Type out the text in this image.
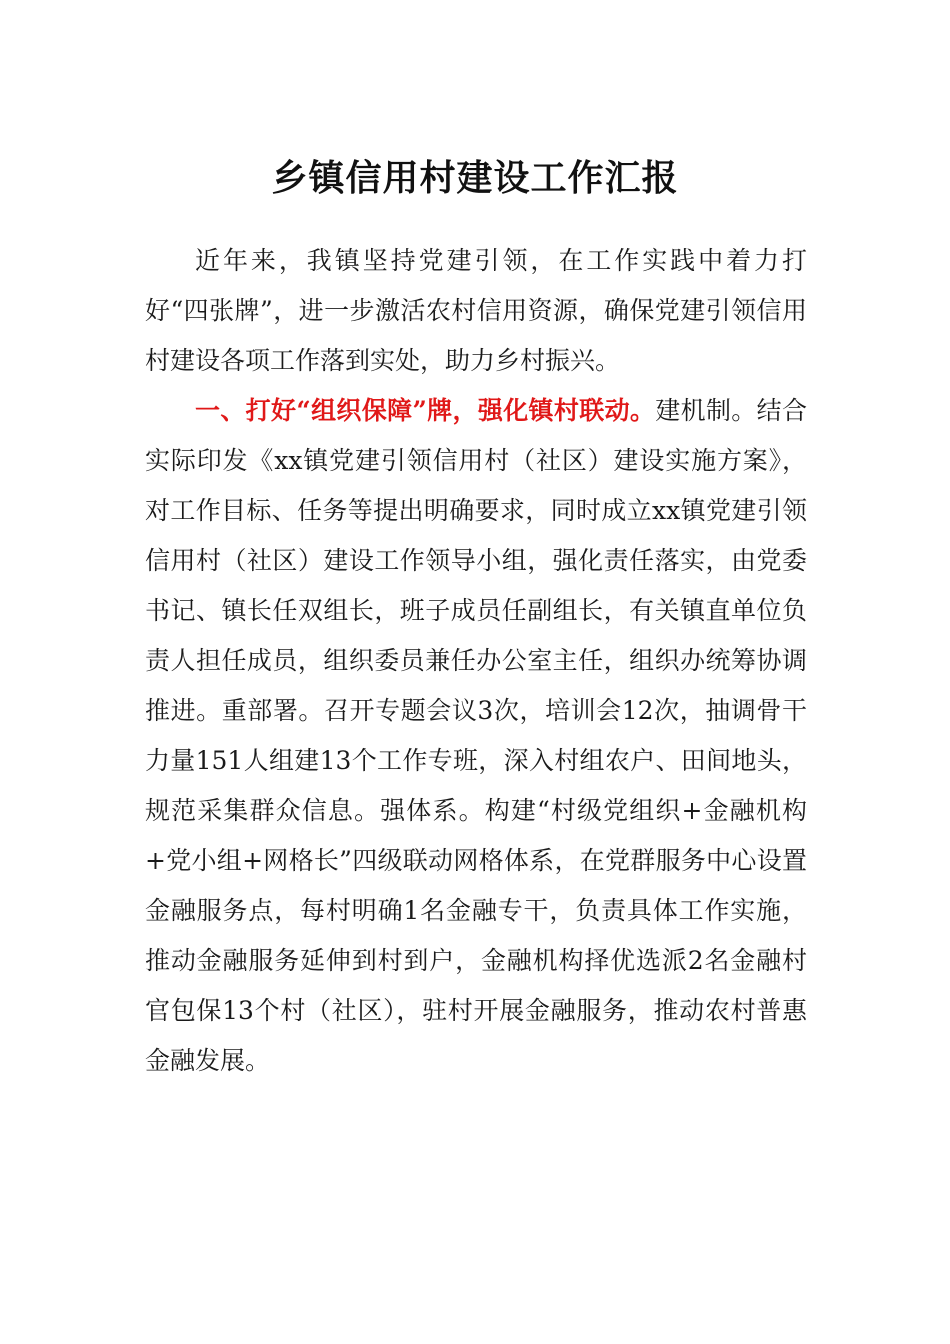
乡镇信用村建设工作汇报

近年来，我镇坚持党建引领，在工作实践中着力打好“四张牌”，进一步激活农村信用资源，确保党建引领信用村建设各项工作落到实处，助力乡村振兴。

一、打好“组织保障”牌，强化镇村联动。建机制。结合实际印发《xx镇党建引领信用村（社区）建设实施方案》，对工作目标、任务等提出明确要求，同时成立xx镇党建引领信用村（社区）建设工作领导小组，强化责任落实，由党委书记、镇长任双组长，班子成员任副组长，有关镇直单位负责人担任成员，组织委员兼任办公室主任，组织办统筹协调推进。重部署。召开专题会议3次，培训会12次，抽调骨干力量151人组建13个工作专班，深入村组农户、田间地头，规范采集群众信息。强体系。构建“村级党组织+金融机构+党小组+网格长”四级联动网格体系，在党群服务中心设置金融服务点，每村明确1名金融专干，负责具体工作实施，推动金融服务延伸到村到户，金融机构择优选派2名金融村官包保13个村（社区），驻村开展金融服务，推动农村普惠金融发展。
